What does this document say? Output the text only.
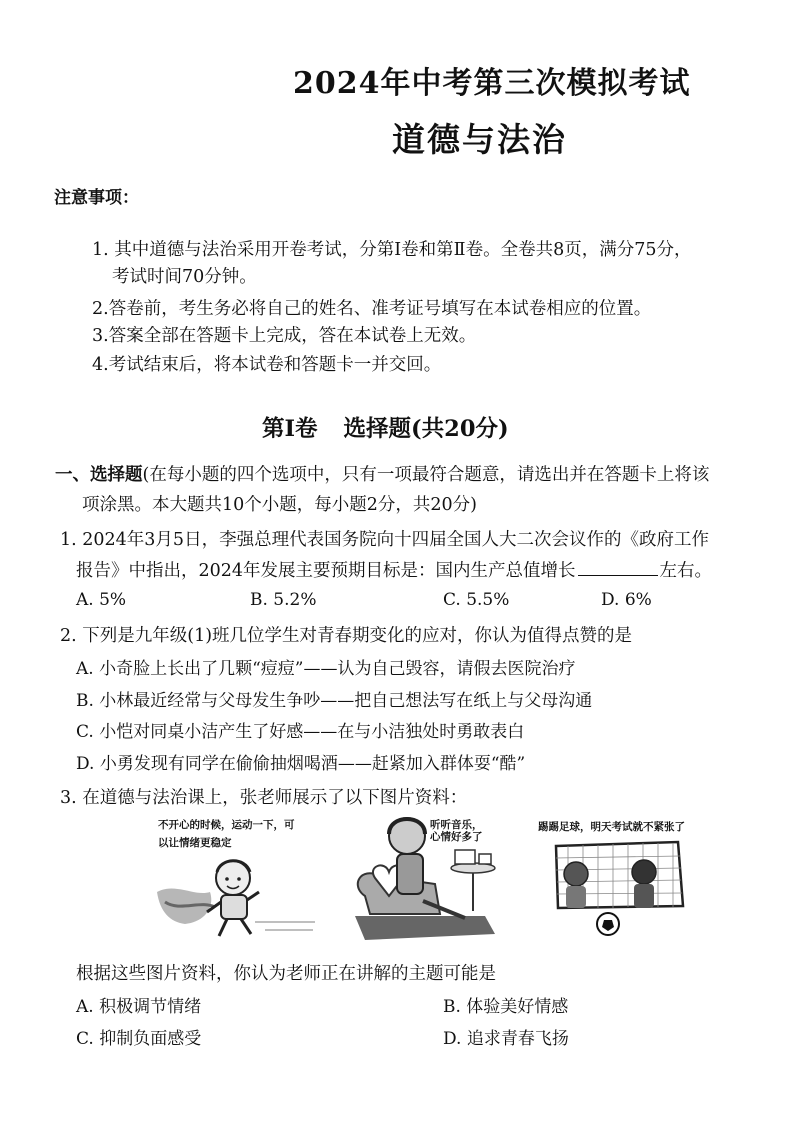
2024年中考第三次模拟考试
道德与法治
注意事项：
1. 其中道德与法治采用开卷考试，分第Ⅰ卷和第Ⅱ卷。全卷共8页，满分75分，
考试时间70分钟。
2.答卷前，考生务必将自己的姓名、准考证号填写在本试卷相应的位置。
3.答案全部在答题卡上完成，答在本试卷上无效。
4.考试结束后，将本试卷和答题卡一并交回。
第Ⅰ卷 选择题(共20分)
一、选择题(在每小题的四个选项中，只有一项最符合题意，请选出并在答题卡上将该
项涂黑。本大题共10个小题，每小题2分，共20分)
1. 2024年3月5日，李强总理代表国务院向十四届全国人大二次会议作的《政府工作
报告》中指出，2024年发展主要预期目标是：国内生产总值增长	左右。
A. 5%	B. 5.2%	C. 5.5%	D. 6%
2. 下列是九年级(1)班几位学生对青春期变化的应对，你认为值得点赞的是
A. 小奇脸上长出了几颗“痘痘”——认为自己毁容，请假去医院治疗
B. 小林最近经常与父母发生争吵——把自己想法写在纸上与父母沟通
C. 小恺对同桌小洁产生了好感——在与小洁独处时勇敢表白
D. 小勇发现有同学在偷偷抽烟喝酒——赶紧加入群体耍“酷”
3. 在道德与法治课上，张老师展示了以下图片资料：
不开心的时候，运动一下，可
以让情绪更稳定
听听音乐，
心情好多了
踢踢足球，明天考试就不紧张了
根据这些图片资料，你认为老师正在讲解的主题可能是
A. 积极调节情绪	B. 体验美好情感
C. 抑制负面感受	D. 追求青春飞扬
